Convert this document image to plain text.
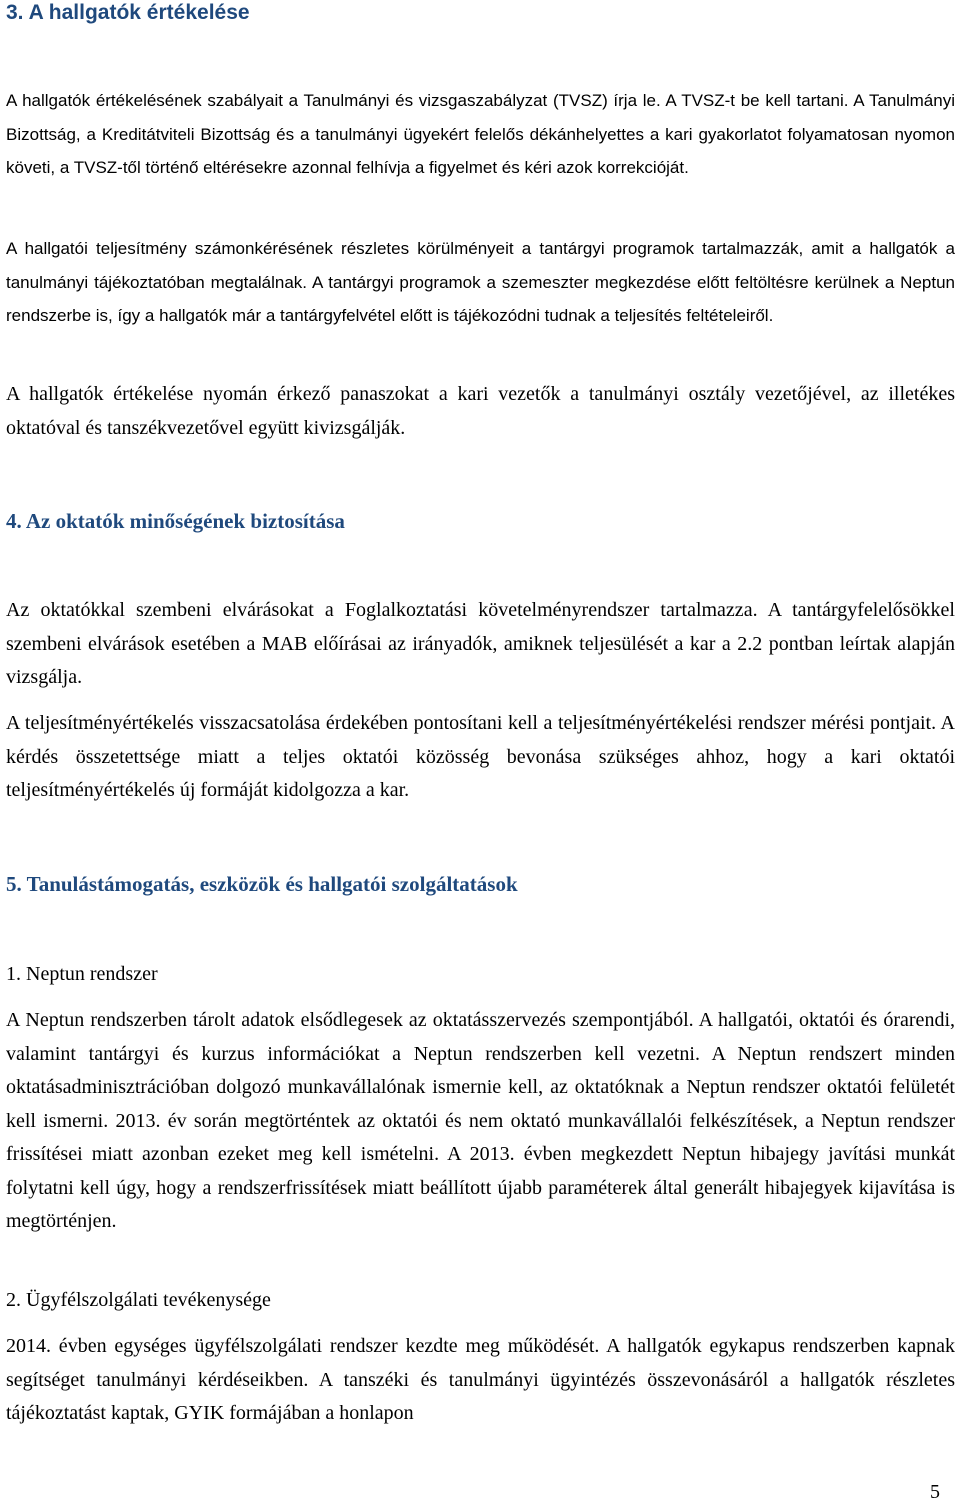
3. A hallgatók értékelése

A hallgatók értékelésének szabályait a Tanulmányi és vizsgaszabályzat (TVSZ) írja le. A TVSZ-t be kell tartani. A Tanulmányi Bizottság, a Kreditátviteli Bizottság és a tanulmányi ügyekért felelős dékánhelyettes a kari gyakorlatot folyamatosan nyomon követi, a TVSZ-től történő eltérésekre azonnal felhívja a figyelmet és kéri azok korrekcióját.

A hallgatói teljesítmény számonkérésének részletes körülményeit a tantárgyi programok tartalmazzák, amit a hallgatók a tanulmányi tájékoztatóban megtalálnak. A tantárgyi programok a szemeszter megkezdése előtt feltöltésre kerülnek a Neptun rendszerbe is, így a hallgatók már a tantárgyfelvétel előtt is tájékozódni tudnak a teljesítés feltételeiről.

A hallgatók értékelése nyomán érkező panaszokat a kari vezetők a tanulmányi osztály vezetőjével, az illetékes oktatóval és tanszékvezetővel együtt kivizsgálják.

4. Az oktatók minőségének biztosítása

Az oktatókkal szembeni elvárásokat a Foglalkoztatási követelményrendszer tartalmazza. A tantárgyfelelősökkel szembeni elvárások esetében a MAB előírásai az irányadók, amiknek teljesülését a kar a 2.2 pontban leírtak alapján vizsgálja.

A teljesítményértékelés visszacsatolása érdekében pontosítani kell a teljesítményértékelési rendszer mérési pontjait. A kérdés összetettsége miatt a teljes oktatói közösség bevonása szükséges ahhoz, hogy a kari oktatói teljesítményértékelés új formáját kidolgozza a kar.

5. Tanulástámogatás, eszközök és hallgatói szolgáltatások
1. Neptun rendszer

A Neptun rendszerben tárolt adatok elsődlegesek az oktatásszervezés szempontjából. A hallgatói, oktatói és órarendi, valamint tantárgyi és kurzus információkat a Neptun rendszerben kell vezetni. A Neptun rendszert minden oktatásadminisztrációban dolgozó munkavállalónak ismernie kell, az oktatóknak a Neptun rendszer oktatói felületét kell ismerni. 2013. év során megtörténtek az oktatói és nem oktató munkavállalói felkészítések, a Neptun rendszer frissítései miatt azonban ezeket meg kell ismételni. A 2013. évben megkezdett Neptun hibajegy javítási munkát folytatni kell úgy, hogy a rendszerfrissítések miatt beállított újabb paraméterek által generált hibajegyek kijavítása is megtörténjen.

2. Ügyfélszolgálati tevékenysége

2014. évben egységes ügyfélszolgálati rendszer kezdte meg működését. A hallgatók egykapus rendszerben kapnak segítséget tanulmányi kérdéseikben. A tanszéki és tanulmányi ügyintézés összevonásáról a hallgatók részletes tájékoztatást kaptak, GYIK formájában a honlapon

5
